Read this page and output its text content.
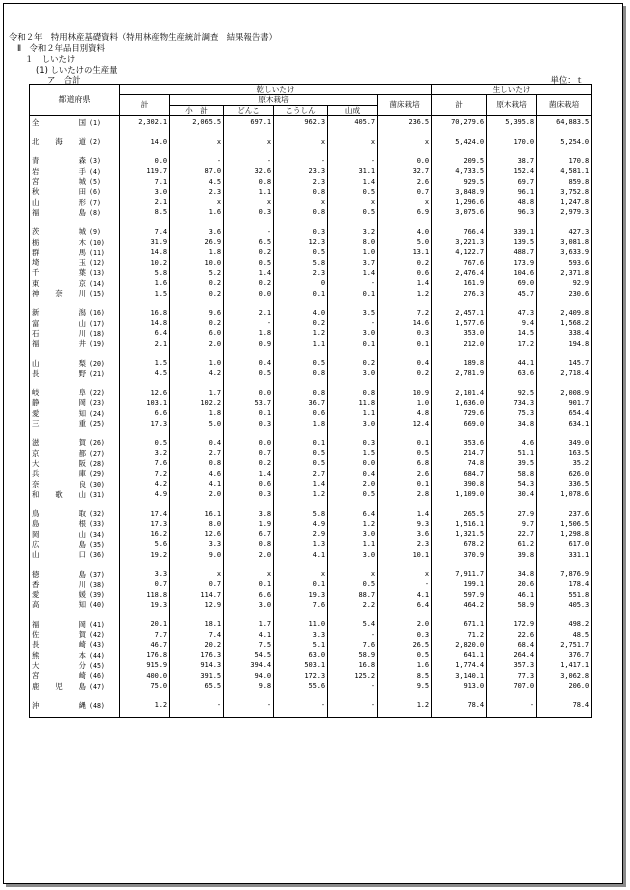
令和２年　特用林産基礎資料（特用林産物生産統計調査　結果報告書）
Ⅱ　令和２年品目別資料
１　しいたけ
(1) しいたけの生産量
ア　合計	単位：ｔ
都道府県	乾しいたけ						生しいたけ		
	計	原木栽培				菌床栽培	計	原木栽培	菌床栽培
		小　計	どんこ	こうしん	山成				
全国 (1)	2,302.1	2,065.5	697.1	962.3	405.7	236.5	70,279.6	5,395.8	64,883.5

北海道 (2)	14.0	x	x	x	x	x	5,424.0	170.0	5,254.0

青森 (3)	0.0	-	-	-	-	0.0	209.5	38.7	170.8
岩手 (4)	119.7	87.0	32.6	23.3	31.1	32.7	4,733.5	152.4	4,581.1
宮城 (5)	7.1	4.5	0.8	2.3	1.4	2.6	929.5	69.7	859.8
秋田 (6)	3.0	2.3	1.1	0.8	0.5	0.7	3,848.9	96.1	3,752.8
山形 (7)	2.1	x	x	x	x	x	1,296.6	48.8	1,247.8
福島 (8)	8.5	1.6	0.3	0.8	0.5	6.9	3,075.6	96.3	2,979.3

茨城 (9)	7.4	3.6	-	0.3	3.2	4.0	766.4	339.1	427.3
栃木 (10)	31.9	26.9	6.5	12.3	8.0	5.0	3,221.3	139.5	3,081.8
群馬 (11)	14.8	1.8	0.2	0.5	1.0	13.1	4,122.7	488.7	3,633.9
埼玉 (12)	10.2	10.0	0.5	5.8	3.7	0.2	767.6	173.9	593.6
千葉 (13)	5.8	5.2	1.4	2.3	1.4	0.6	2,476.4	104.6	2,371.8
東京 (14)	1.6	0.2	0.2	0	-	1.4	161.9	69.0	92.9
神奈川 (15)	1.5	0.2	0.0	0.1	0.1	1.2	276.3	45.7	230.6

新潟 (16)	16.8	9.6	2.1	4.0	3.5	7.2	2,457.1	47.3	2,409.8
富山 (17)	14.8	0.2	-	0.2	-	14.6	1,577.6	9.4	1,568.2
石川 (18)	6.4	6.0	1.8	1.2	3.0	0.3	353.0	14.5	338.4
福井 (19)	2.1	2.0	0.9	1.1	0.1	0.1	212.0	17.2	194.8

山梨 (20)	1.5	1.0	0.4	0.5	0.2	0.4	189.8	44.1	145.7
長野 (21)	4.5	4.2	0.5	0.8	3.0	0.2	2,781.9	63.6	2,718.4

岐阜 (22)	12.6	1.7	0.0	0.8	0.8	10.9	2,101.4	92.5	2,008.9
静岡 (23)	103.1	102.2	53.7	36.7	11.8	1.0	1,636.0	734.3	901.7
愛知 (24)	6.6	1.8	0.1	0.6	1.1	4.8	729.6	75.3	654.4
三重 (25)	17.3	5.0	0.3	1.8	3.0	12.4	669.0	34.8	634.1

滋賀 (26)	0.5	0.4	0.0	0.1	0.3	0.1	353.6	4.6	349.0
京都 (27)	3.2	2.7	0.7	0.5	1.5	0.5	214.7	51.1	163.5
大阪 (28)	7.6	0.8	0.2	0.5	0.0	6.8	74.8	39.5	35.2
兵庫 (29)	7.2	4.6	1.4	2.7	0.4	2.6	684.7	58.8	626.0
奈良 (30)	4.2	4.1	0.6	1.4	2.0	0.1	390.8	54.3	336.5
和歌山 (31)	4.9	2.0	0.3	1.2	0.5	2.8	1,109.0	30.4	1,078.6

鳥取 (32)	17.4	16.1	3.8	5.8	6.4	1.4	265.5	27.9	237.6
島根 (33)	17.3	8.0	1.9	4.9	1.2	9.3	1,516.1	9.7	1,506.5
岡山 (34)	16.2	12.6	6.7	2.9	3.0	3.6	1,321.5	22.7	1,298.8
広島 (35)	5.6	3.3	0.8	1.3	1.1	2.3	678.2	61.2	617.0
山口 (36)	19.2	9.0	2.0	4.1	3.0	10.1	370.9	39.8	331.1

徳島 (37)	3.3	x	x	x	x	x	7,911.7	34.8	7,876.9
香川 (38)	0.7	0.7	0.1	0.1	0.5	-	199.1	20.6	178.4
愛媛 (39)	118.8	114.7	6.6	19.3	88.7	4.1	597.9	46.1	551.8
高知 (40)	19.3	12.9	3.0	7.6	2.2	6.4	464.2	58.9	405.3

福岡 (41)	20.1	18.1	1.7	11.0	5.4	2.0	671.1	172.9	498.2
佐賀 (42)	7.7	7.4	4.1	3.3	-	0.3	71.2	22.6	48.5
長崎 (43)	46.7	20.2	7.5	5.1	7.6	26.5	2,820.0	68.4	2,751.7
熊本 (44)	176.8	176.3	54.5	63.0	58.9	0.5	641.1	264.4	376.7
大分 (45)	915.9	914.3	394.4	503.1	16.8	1.6	1,774.4	357.3	1,417.1
宮崎 (46)	400.0	391.5	94.0	172.3	125.2	8.5	3,140.1	77.3	3,062.8
鹿児島 (47)	75.0	65.5	9.8	55.6	-	9.5	913.0	707.0	206.0

沖縄 (48)	1.2	-	-	-	-	1.2	78.4	-	78.4
